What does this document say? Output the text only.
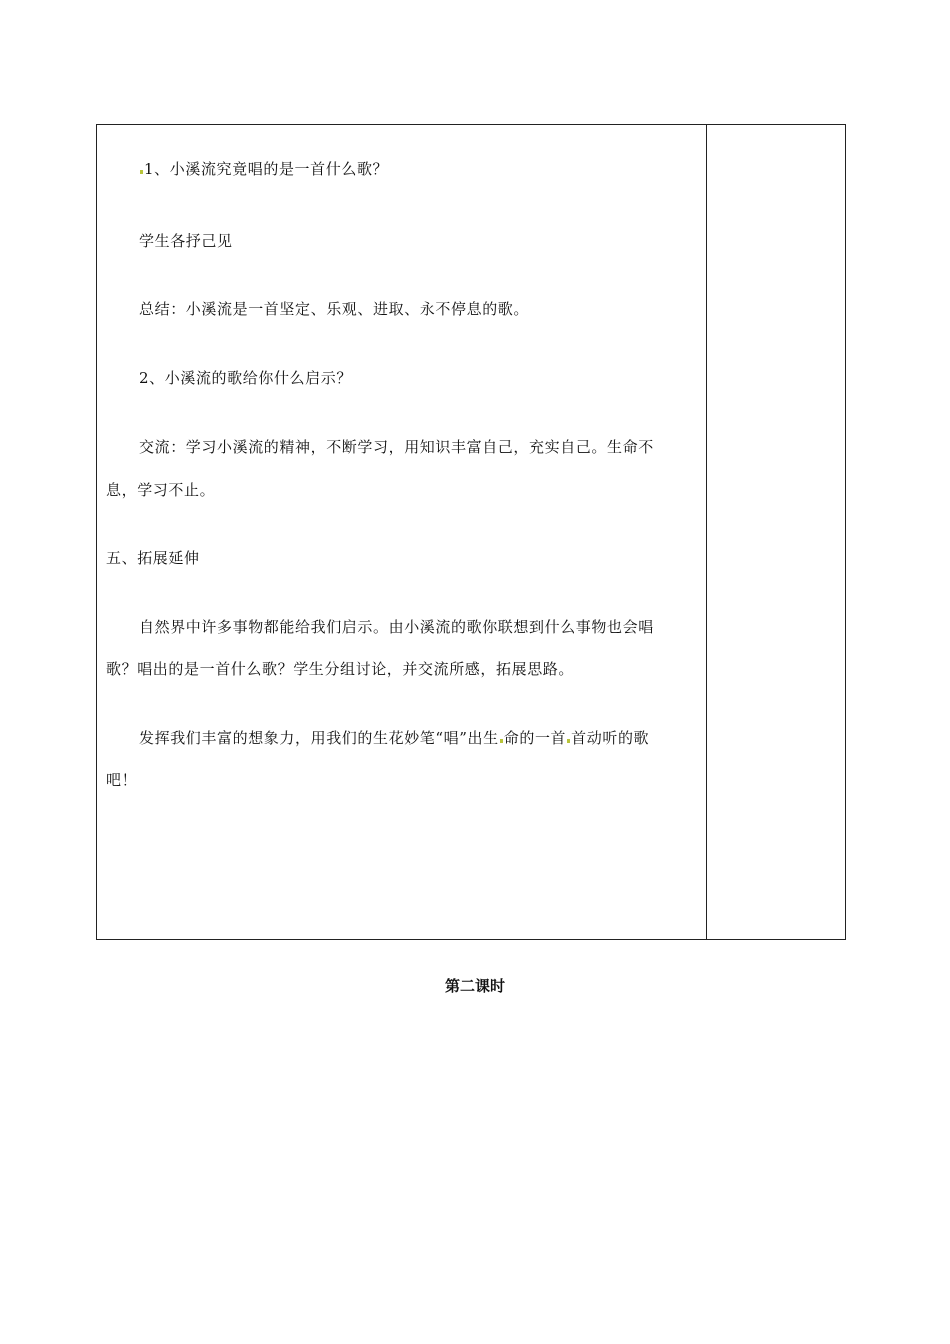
1、小溪流究竟唱的是一首什么歌？
学生各抒己见
总结：小溪流是一首坚定、乐观、进取、永不停息的歌。
2、小溪流的歌给你什么启示？
交流：学习小溪流的精神，不断学习，用知识丰富自己，充实自己。生命不
息，学习不止。
五、拓展延伸
自然界中许多事物都能给我们启示。由小溪流的歌你联想到什么事物也会唱
歌？唱出的是一首什么歌？学生分组讨论，并交流所感，拓展思路。
发挥我们丰富的想象力，用我们的生花妙笔“唱”出生 命的一首 首动听的歌
吧！
第二课时
